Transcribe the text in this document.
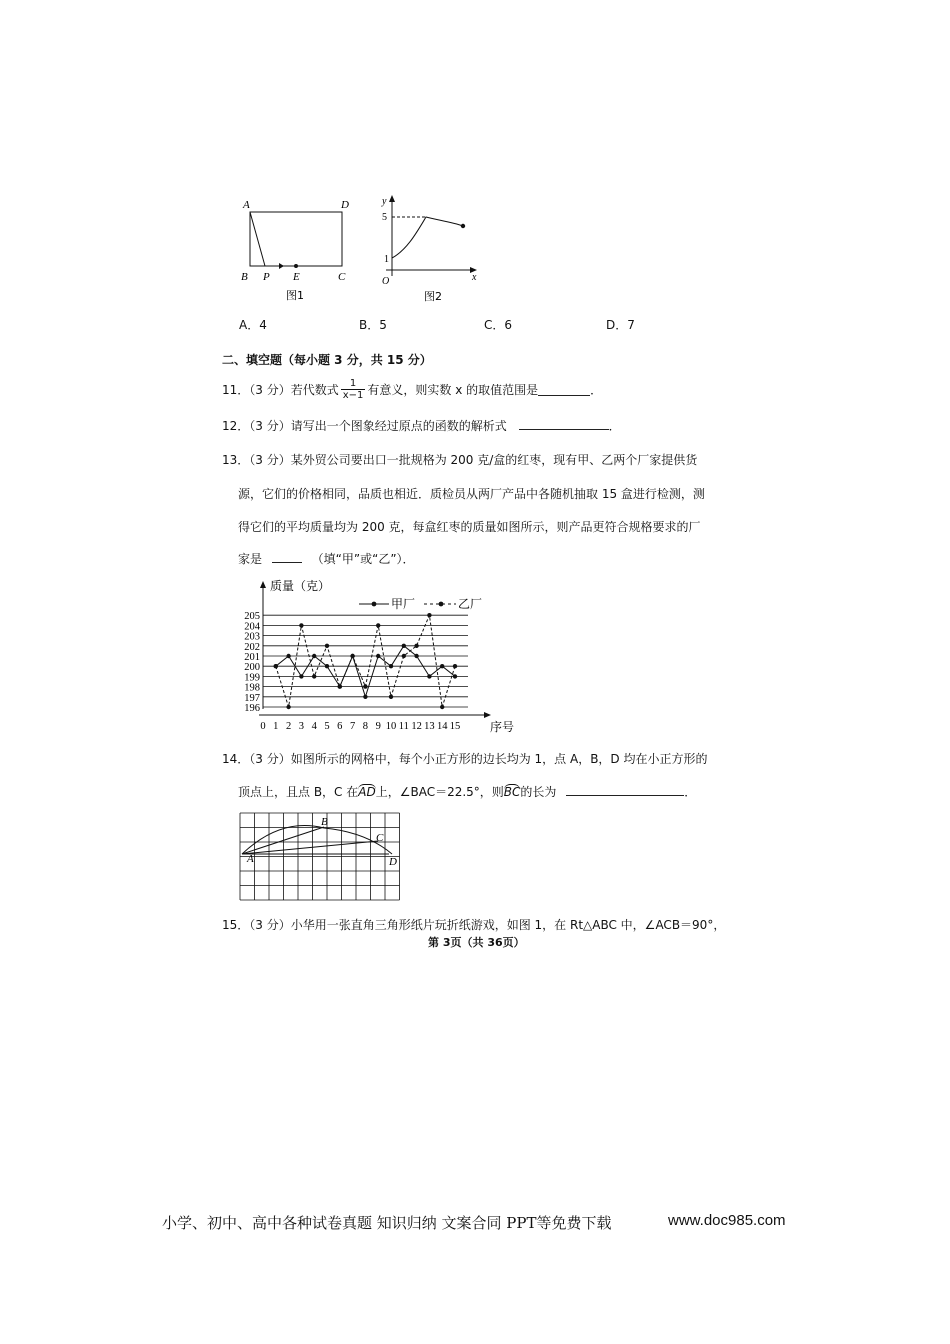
A	D
B P E	C
图1
y
5
1
O	x
图2
A．4	B．5	C．6	D．7
二、填空题（每小题 3 分，共 15 分）
11．（3 分）若代数式 $\frac{1}{x-1}$ 有意义，则实数 x 的取值范围是	．
12．（3 分）请写出一个图象经过原点的函数的解析式	．
13．（3 分）某外贸公司要出口一批规格为 200 克/盒的红枣，现有甲、乙两个厂家提供货
源，它们的价格相同，品质也相近．质检员从两厂产品中各随机抽取 15 盒进行检测，测
得它们的平均质量均为 200 克，每盒红枣的质量如图所示，则产品更符合规格要求的厂
家是	（填“甲”或“乙”）．
质量（克）
序号
196
197
198
199
200
201
202
203
204
205
0 1 2 3 4 5 6 7 8 9 10 11 12 13 14 15
甲厂	乙厂
14．（3 分）如图所示的网格中，每个小正方形的边长均为 1，点 A，B，D 均在小正方形的
顶点上，且点 B，C 在AD上，∠BAC＝22.5°，则BC的长为	．
A
B
C
D
15．（3 分）小华用一张直角三角形纸片玩折纸游戏，如图 1，在 Rt△ABC 中，∠ACB＝90°，
第 3页（共 36页）
小学、初中、高中各种试卷真题 知识归纳 文案合同 PPT等免费下载	www.doc985.com
